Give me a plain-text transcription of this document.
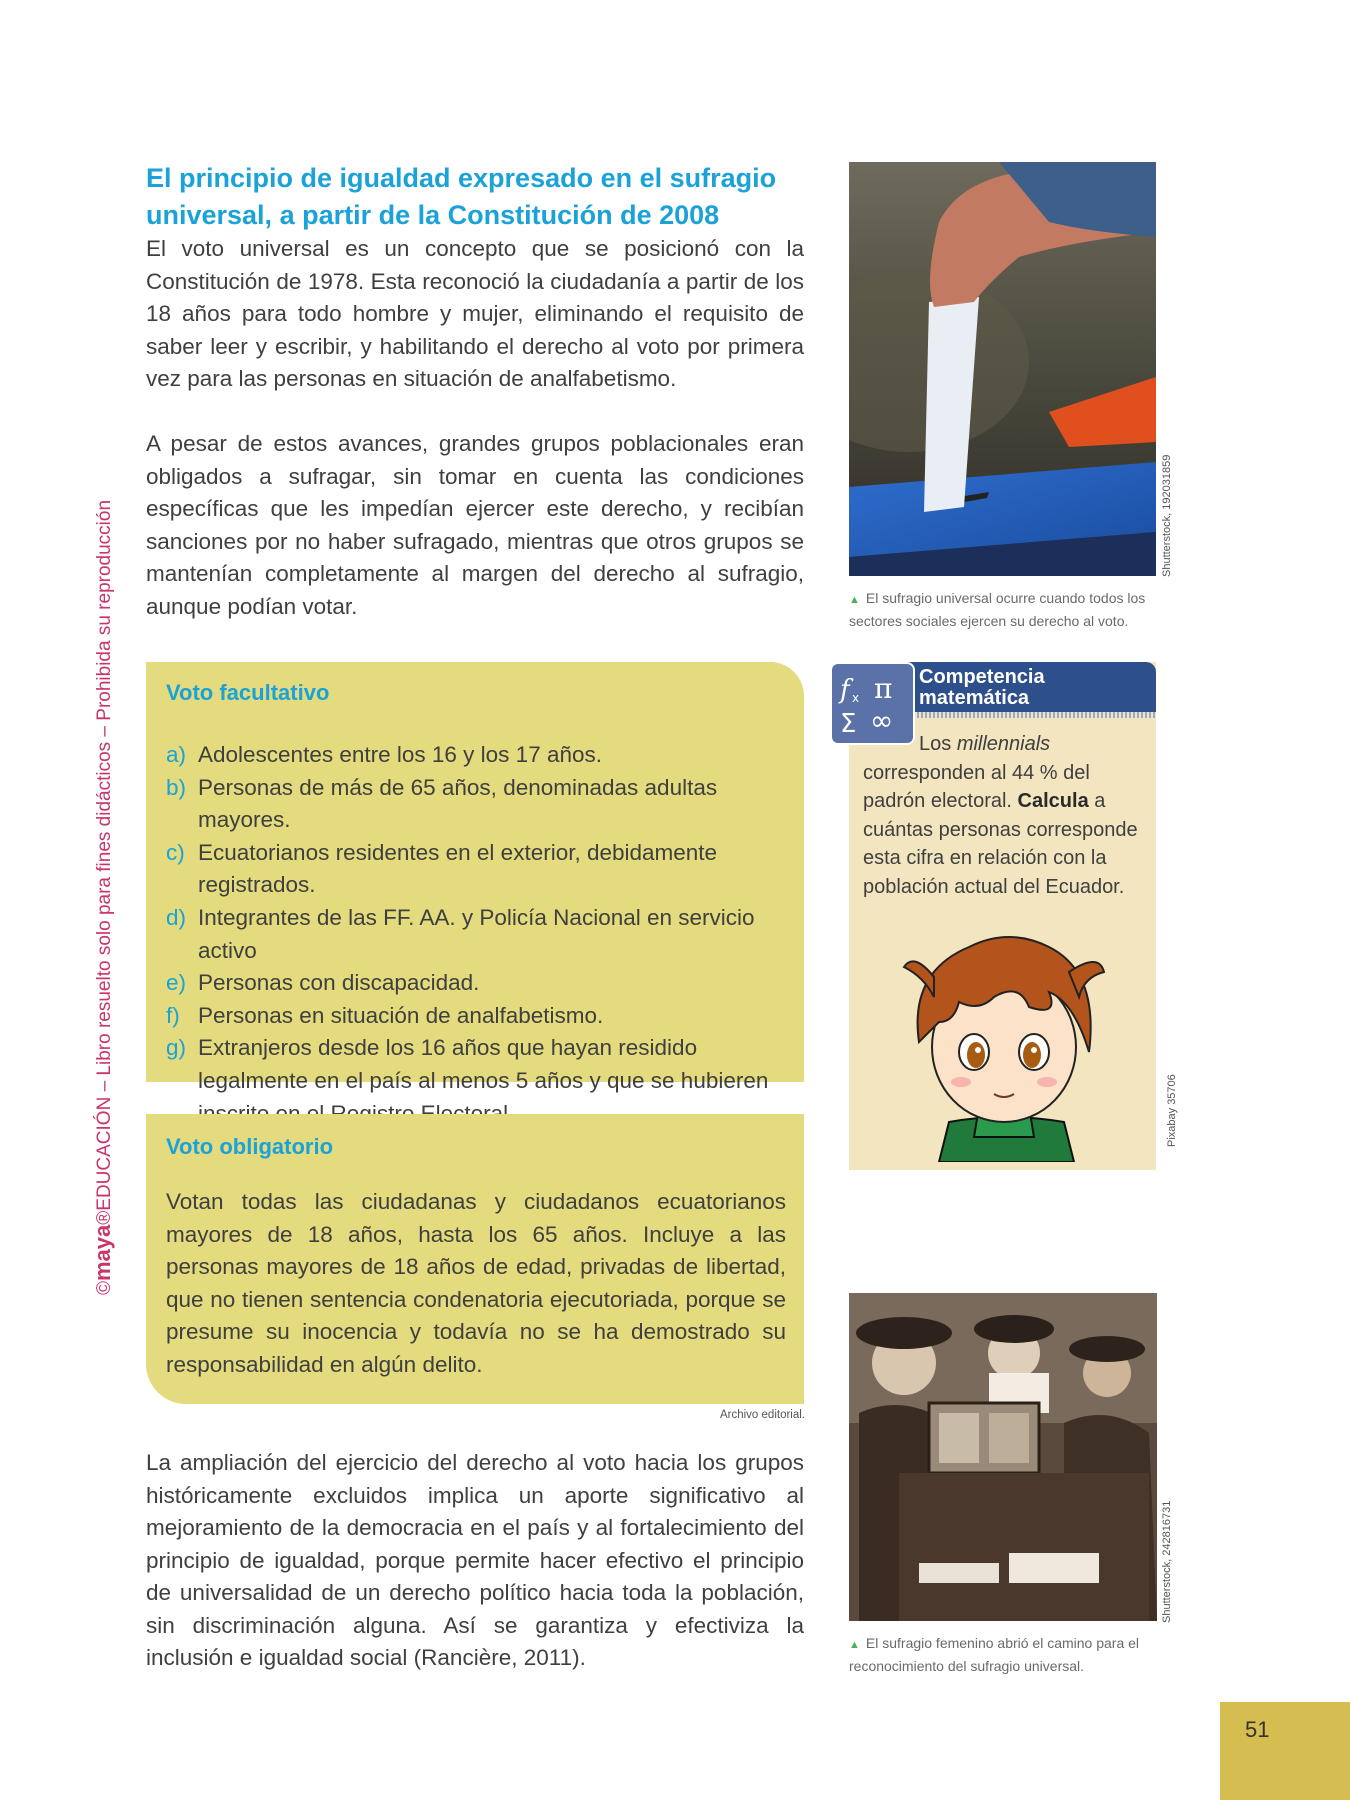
©maya®EDUCACIÓN – Libro resuelto solo para fines didácticos – Prohibida su reproducción
El principio de igualdad expresado en el sufragio universal, a partir de la Constitución de 2008
El voto universal es un concepto que se posicionó con la Constitución de 1978. Esta reconoció la ciudadanía a partir de los 18 años para todo hombre y mujer, eliminando el requisito de saber leer y escribir, y habilitando el derecho al voto por primera vez para las personas en situación de analfabetismo.
A pesar de estos avances, grandes grupos poblacionales eran obligados a sufragar, sin tomar en cuenta las condiciones específicas que les impedían ejercer este derecho, y recibían sanciones por no haber sufragado, mientras que otros grupos se mantenían completamente al margen del derecho al sufragio, aunque podían votar.
Voto facultativo
a) Adolescentes entre los 16 y los 17 años.
b) Personas de más de 65 años, denominadas adultas mayores.
c) Ecuatorianos residentes en el exterior, debidamente registrados.
d) Integrantes de las FF. AA. y Policía Nacional en servicio activo
e) Personas con discapacidad.
f) Personas en situación de analfabetismo.
g) Extranjeros desde los 16 años que hayan residido legalmente en el país al menos 5 años y que se hubieren
Voto obligatorio
Votan todas las ciudadanas y ciudadanos ecuatorianos mayores de 18 años, hasta los 65 años. Incluye a las personas mayores de 18 años de edad, privadas de libertad, que no tienen sentencia condenatoria ejecutoriada, porque se presume su inocencia y todavía no se ha demostrado su responsabilidad en algún delito.
Archivo editorial.
La ampliación del ejercicio del derecho al voto hacia los grupos históricamente excluidos implica un aporte significativo al mejoramiento de la democracia en el país y al fortalecimiento del principio de igualdad, porque permite hacer efectivo el principio de universalidad de un derecho político hacia toda la población, sin discriminación alguna. Así se garantiza y efectiviza la inclusión e igualdad social (Rancière, 2011).
Shutterstock, 192031859
▲ El sufragio universal ocurre cuando todos los sectores sociales ejercen su derecho al voto.
Competencia
matemática
f x π
Σ ∞
Los millennials corresponden al 44 % del padrón electoral. Calcula a cuántas personas corresponde esta cifra en relación con la población actual del Ecuador.
Pixabay 35706
Shutterstock, 242816731
▲ El sufragio femenino abrió el camino para el reconocimiento del sufragio universal.
51
